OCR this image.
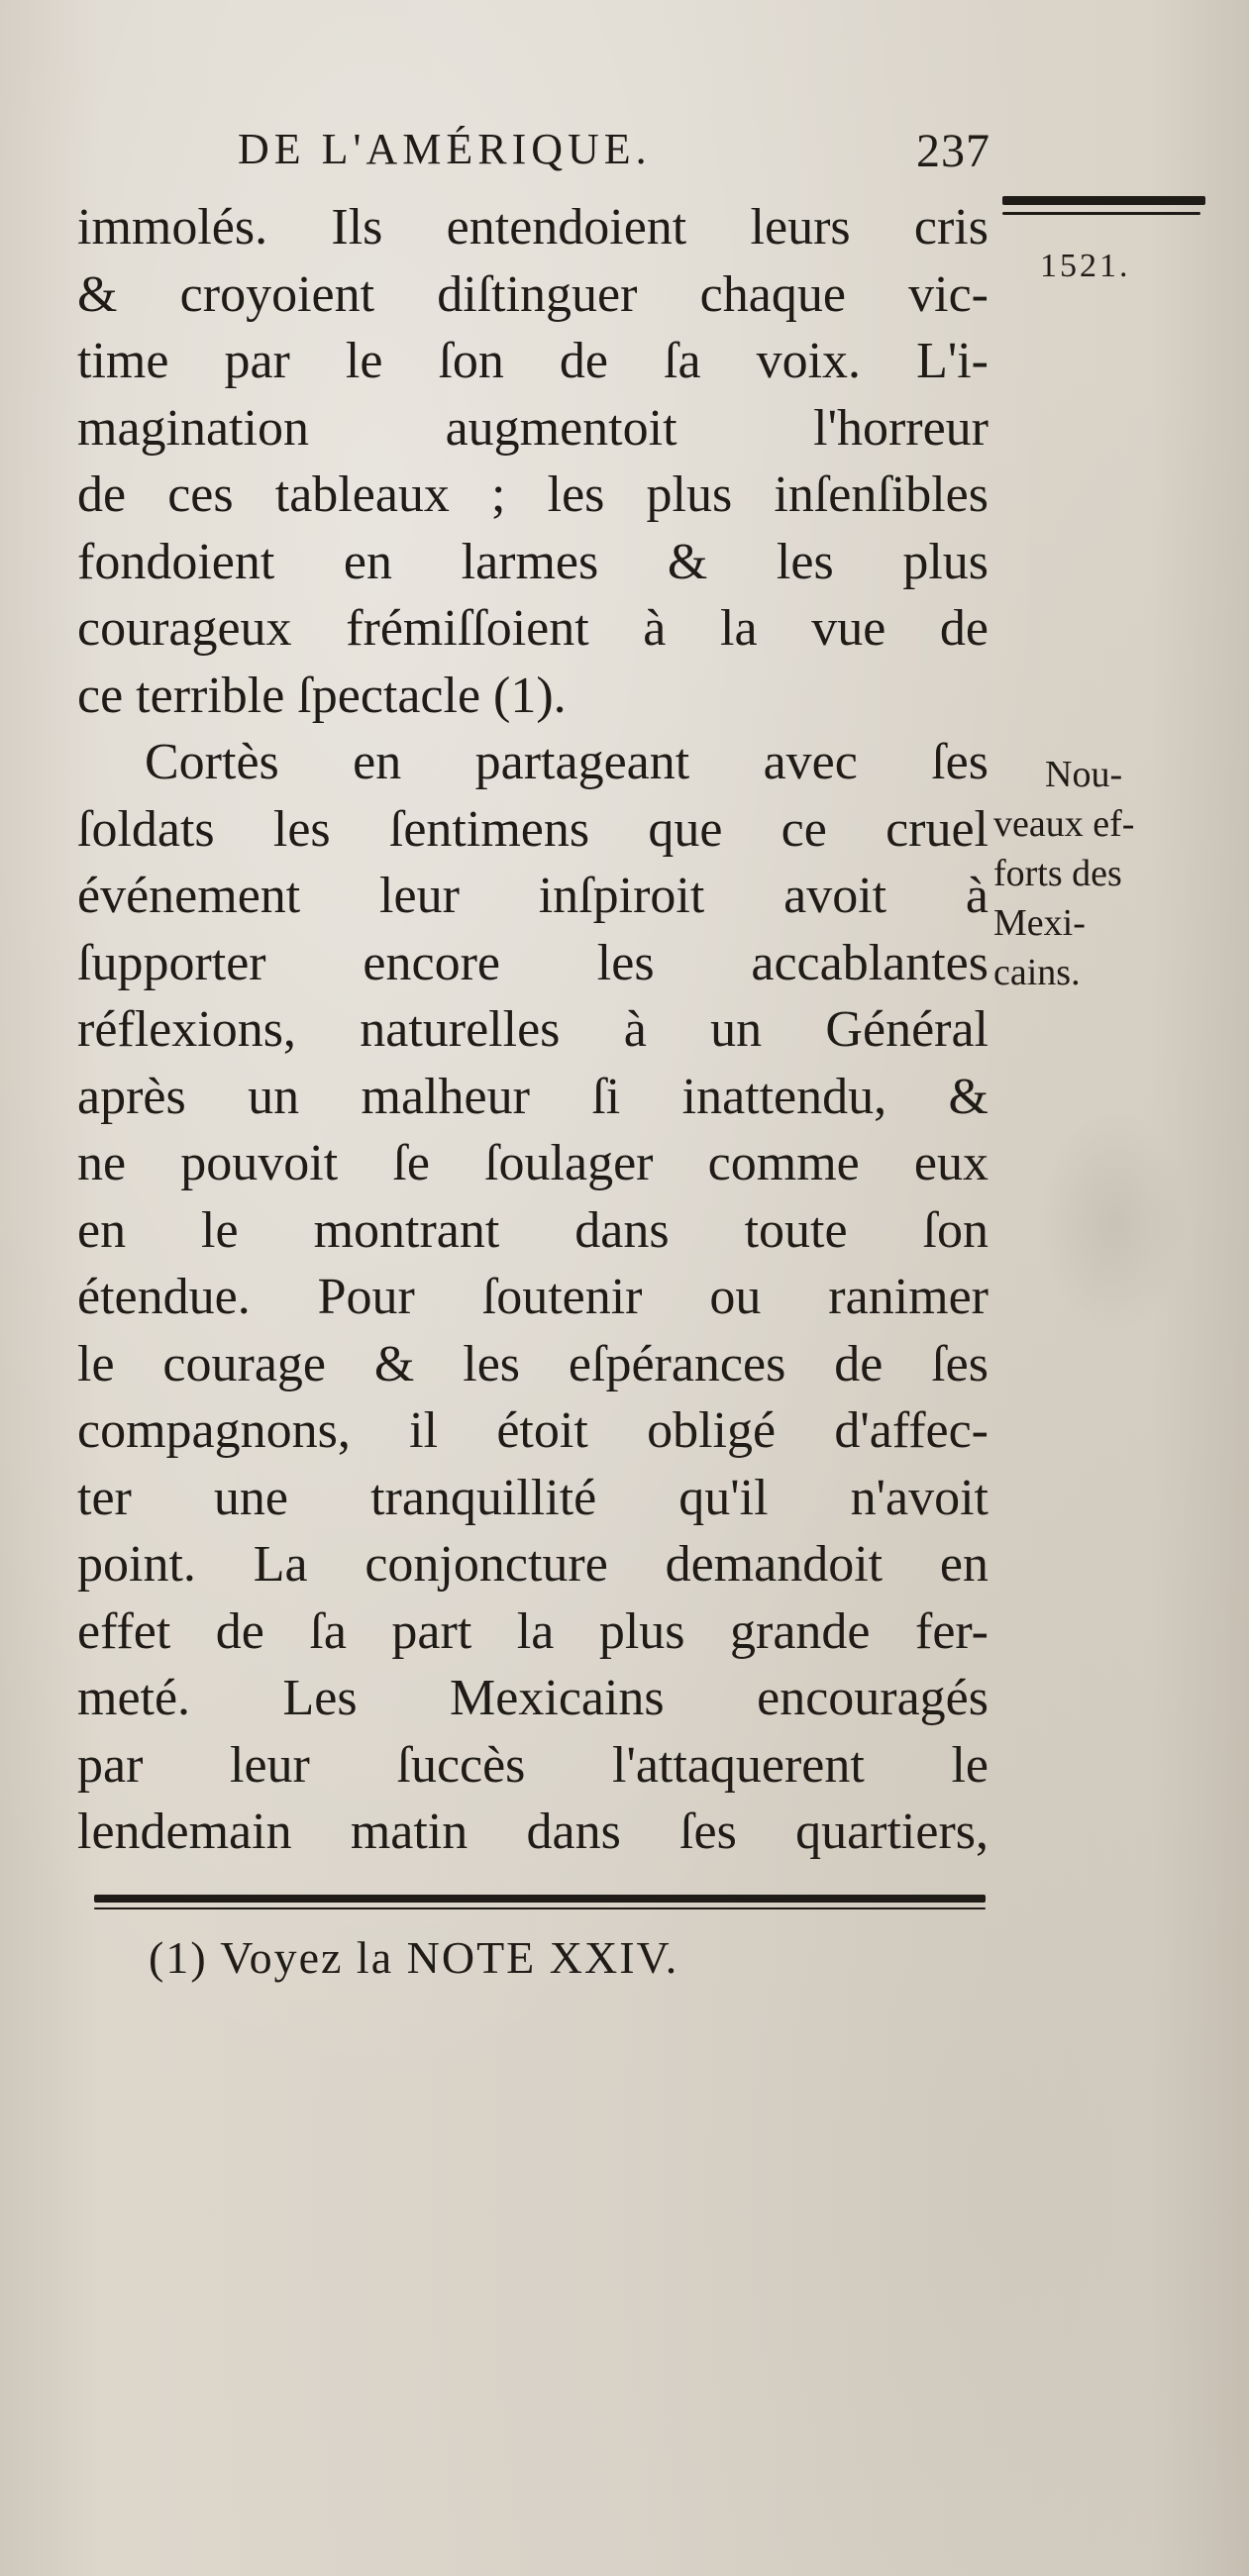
DE L'AMÉRIQUE.	237
1521.
immolés. Ils entendoient leurs cris
& croyoient diſtinguer chaque vic-
time par le ſon de ſa voix. L'i-
magination augmentoit l'horreur
de ces tableaux ; les plus inſenſibles
fondoient en larmes & les plus
courageux frémiſſoient à la vue de
ce terrible ſpectacle (1).
Cortès en partageant avec ſes
ſoldats les ſentimens que ce cruel
événement leur inſpiroit avoit à
ſupporter encore les accablantes
réflexions, naturelles à un Général
après un malheur ſi inattendu, &
ne pouvoit ſe ſoulager comme eux
en le montrant dans toute ſon
étendue. Pour ſoutenir ou ranimer
le courage & les eſpérances de ſes
compagnons, il étoit obligé d'affec-
ter une tranquillité qu'il n'avoit
point. La conjoncture demandoit en
effet de ſa part la plus grande fer-
meté. Les Mexicains encouragés
par leur ſuccès l'attaquerent le
lendemain matin dans ſes quartiers,
Nou-
veaux ef-
forts des
Mexi-
cains.
(1) Voyez la NOTE XXIV.
